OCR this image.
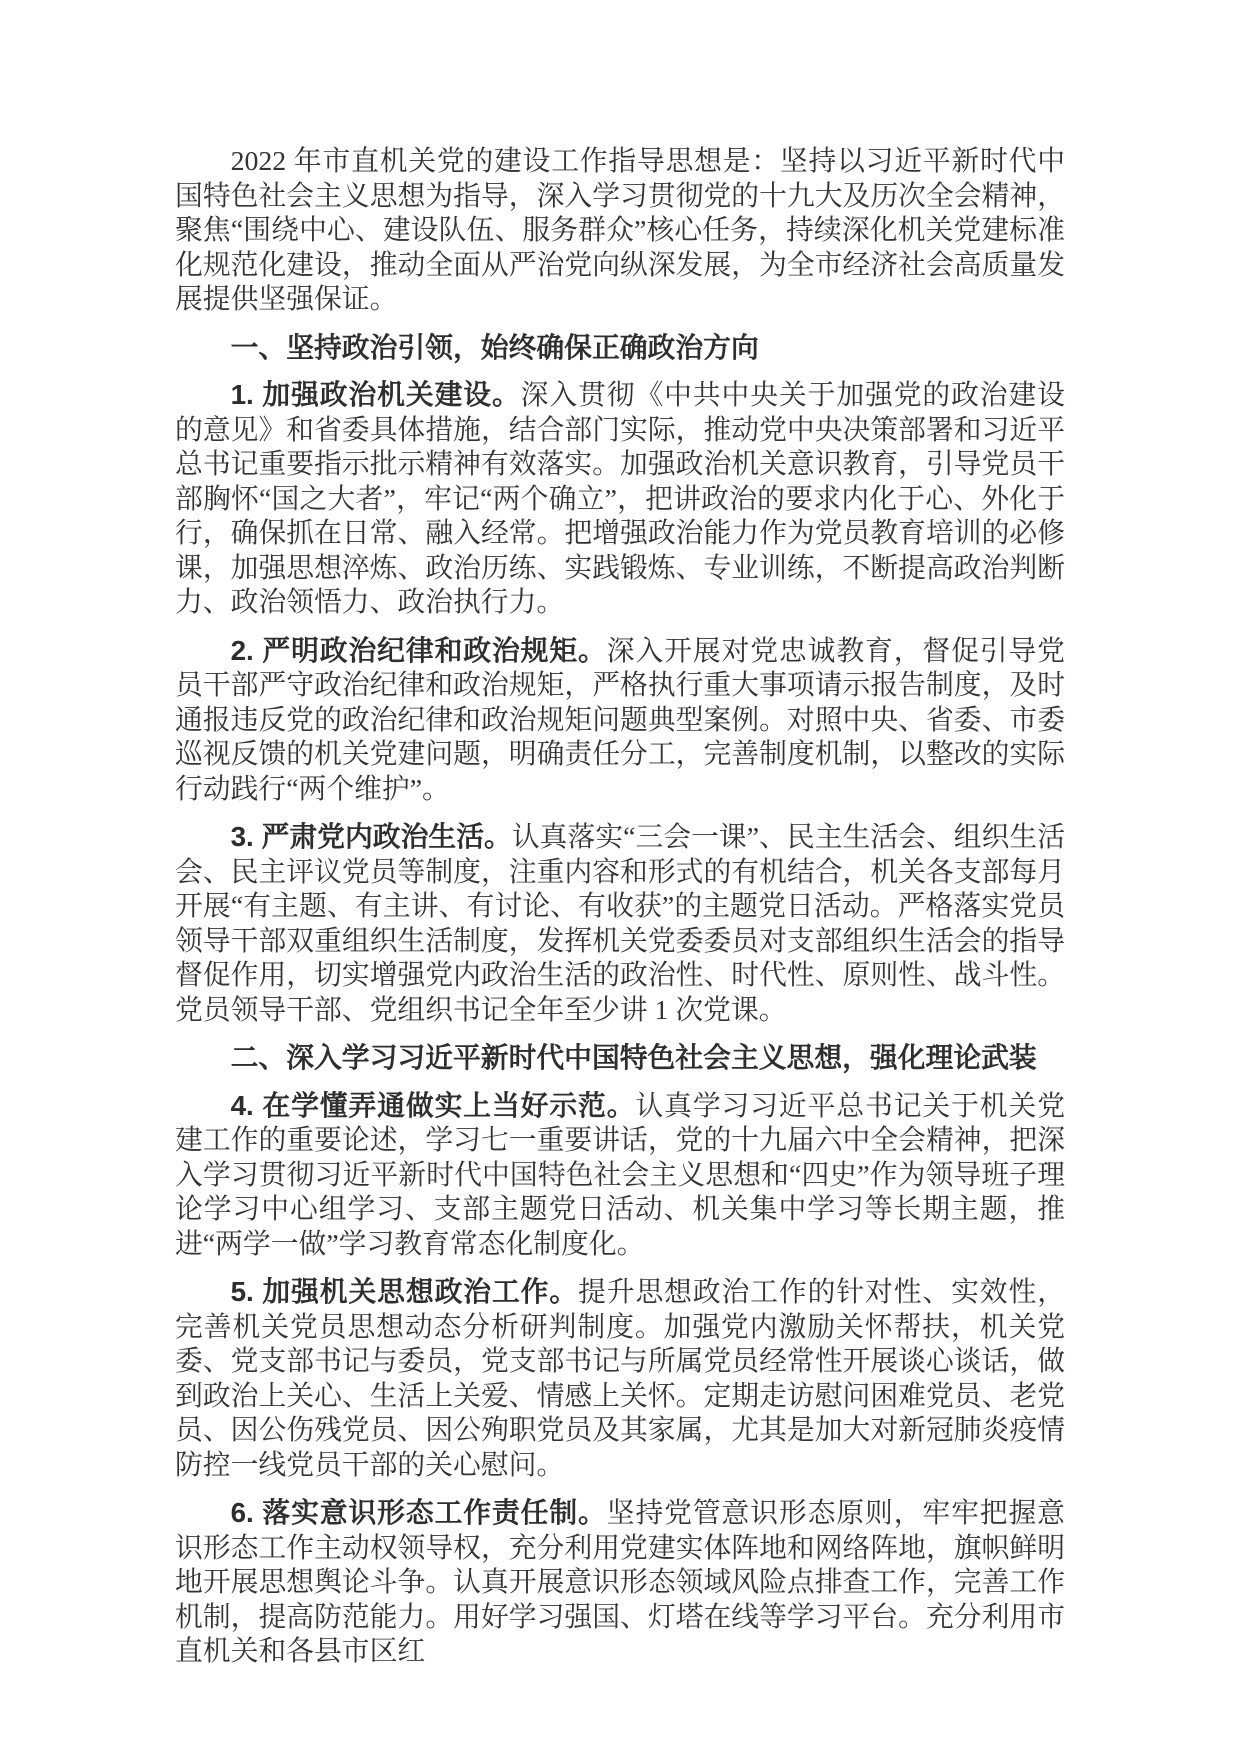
2022 年市直机关党的建设工作指导思想是：坚持以习近平新时代中国特色社会主义思想为指导，深入学习贯彻党的十九大及历次全会精神，聚焦“围绕中心、建设队伍、服务群众”核心任务，持续深化机关党建标准化规范化建设，推动全面从严治党向纵深发展，为全市经济社会高质量发展提供坚强保证。

一、坚持政治引领，始终确保正确政治方向

1. 加强政治机关建设。深入贯彻《中共中央关于加强党的政治建设的意见》和省委具体措施，结合部门实际，推动党中央决策部署和习近平总书记重要指示批示精神有效落实。加强政治机关意识教育，引导党员干部胸怀“国之大者”，牢记“两个确立”，把讲政治的要求内化于心、外化于行，确保抓在日常、融入经常。把增强政治能力作为党员教育培训的必修课，加强思想淬炼、政治历练、实践锻炼、专业训练，不断提高政治判断力、政治领悟力、政治执行力。

2. 严明政治纪律和政治规矩。深入开展对党忠诚教育，督促引导党员干部严守政治纪律和政治规矩，严格执行重大事项请示报告制度，及时通报违反党的政治纪律和政治规矩问题典型案例。对照中央、省委、市委巡视反馈的机关党建问题，明确责任分工，完善制度机制，以整改的实际行动践行“两个维护”。

3. 严肃党内政治生活。认真落实“三会一课”、民主生活会、组织生活会、民主评议党员等制度，注重内容和形式的有机结合，机关各支部每月开展“有主题、有主讲、有讨论、有收获”的主题党日活动。严格落实党员领导干部双重组织生活制度，发挥机关党委委员对支部组织生活会的指导督促作用，切实增强党内政治生活的政治性、时代性、原则性、战斗性。党员领导干部、党组织书记全年至少讲 1 次党课。

二、深入学习习近平新时代中国特色社会主义思想，强化理论武装

4. 在学懂弄通做实上当好示范。认真学习习近平总书记关于机关党建工作的重要论述，学习七一重要讲话，党的十九届六中全会精神，把深入学习贯彻习近平新时代中国特色社会主义思想和“四史”作为领导班子理论学习中心组学习、支部主题党日活动、机关集中学习等长期主题，推进“两学一做”学习教育常态化制度化。

5. 加强机关思想政治工作。提升思想政治工作的针对性、实效性，完善机关党员思想动态分析研判制度。加强党内激励关怀帮扶，机关党委、党支部书记与委员，党支部书记与所属党员经常性开展谈心谈话，做到政治上关心、生活上关爱、情感上关怀。定期走访慰问困难党员、老党员、因公伤残党员、因公殉职党员及其家属，尤其是加大对新冠肺炎疫情防控一线党员干部的关心慰问。

6. 落实意识形态工作责任制。坚持党管意识形态原则，牢牢把握意识形态工作主动权领导权，充分利用党建实体阵地和网络阵地，旗帜鲜明地开展思想舆论斗争。认真开展意识形态领域风险点排查工作，完善工作机制，提高防范能力。用好学习强国、灯塔在线等学习平台。充分利用市直机关和各县市区红
